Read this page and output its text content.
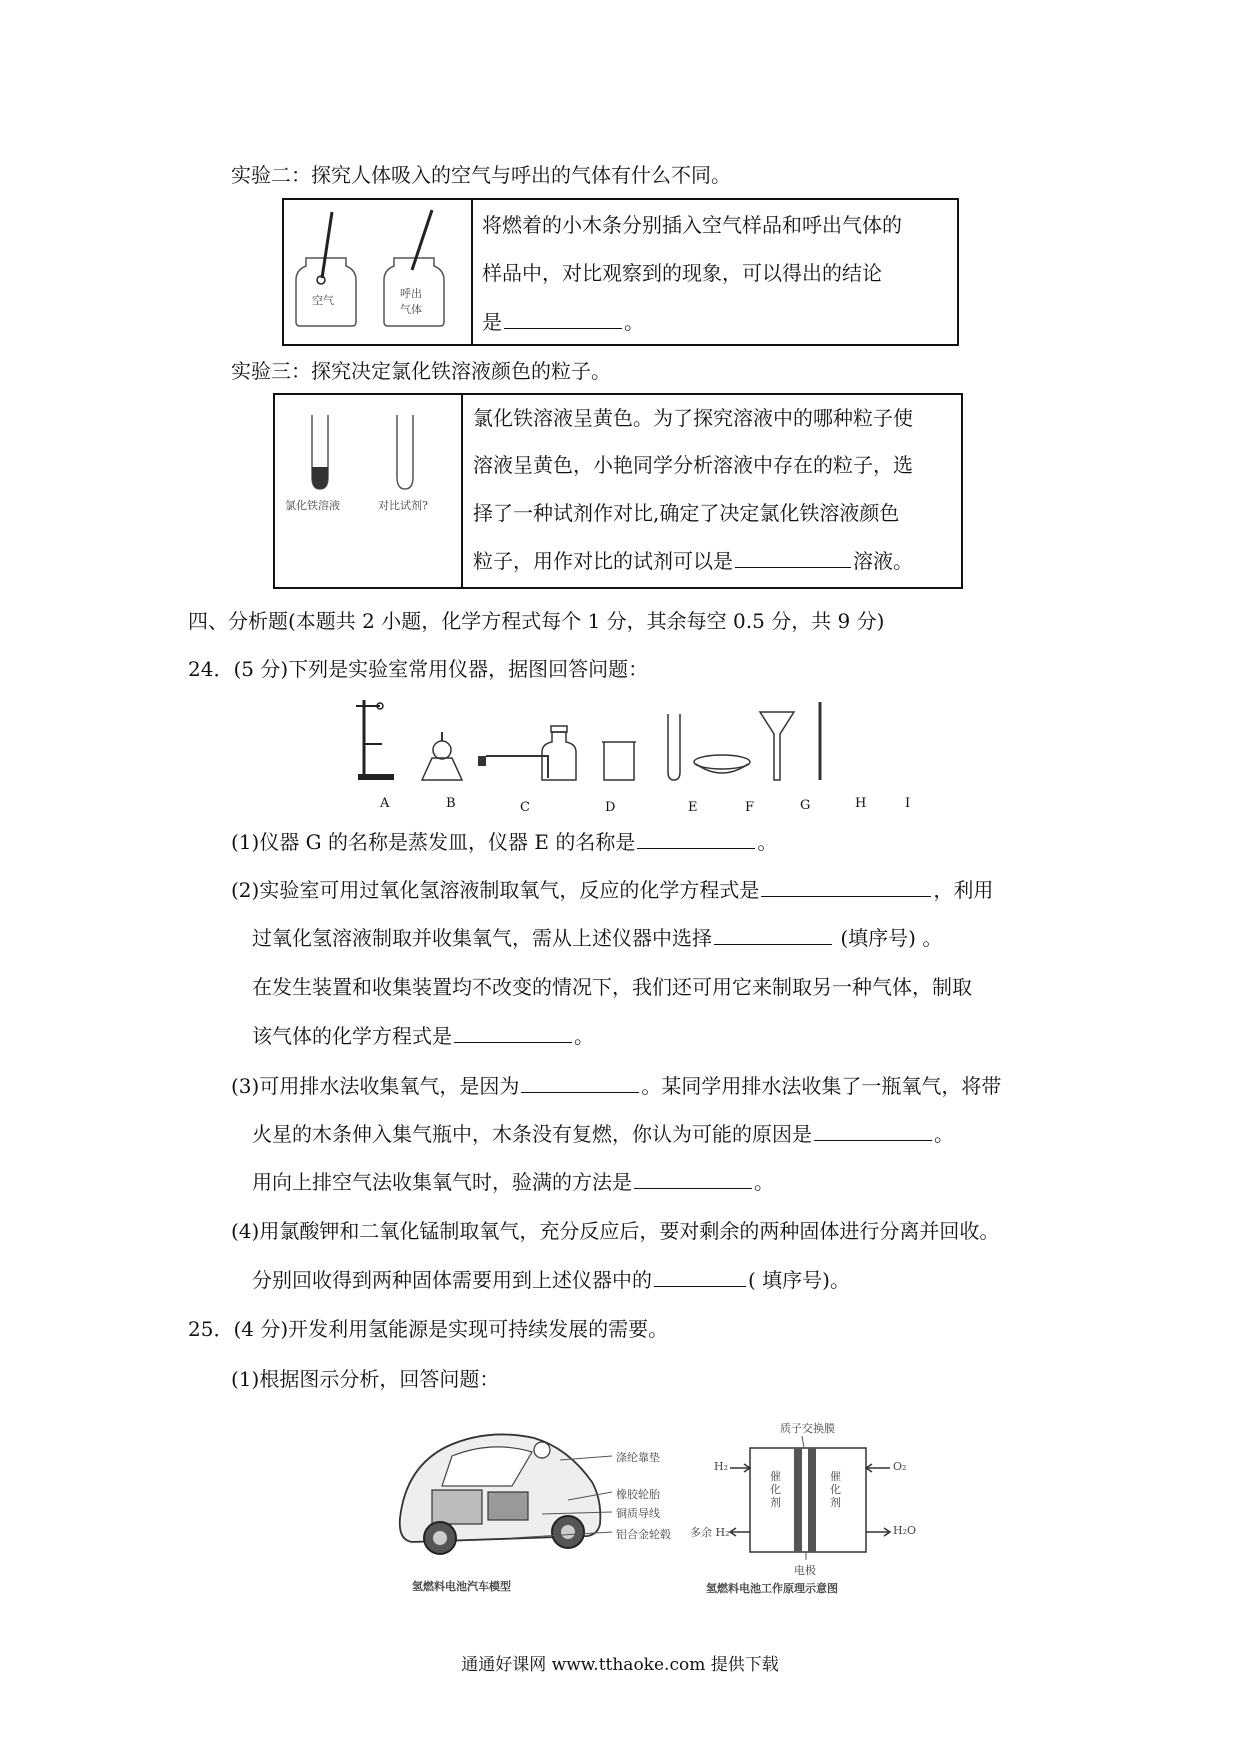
实验二：探究人体吸入的空气与呼出的气体有什么不同。
空气
呼出气体
将燃着的小木条分别插入空气样品和呼出气体的
样品中，对比观察到的现象，可以得出的结论
是	。
实验三：探究决定氯化铁溶液颜色的粒子。
氯化铁溶液	对比试剂?
氯化铁溶液呈黄色。为了探究溶液中的哪种粒子使
溶液呈黄色，小艳同学分析溶液中存在的粒子，选
择了一种试剂作对比,确定了决定氯化铁溶液颜色
粒子，用作对比的试剂可以是	溶液。
四、分析题(本题共 2 小题，化学方程式每个 1 分，其余每空 0.5 分，共 9 分)
24．(5 分)下列是实验室常用仪器，据图回答问题：
A	B	C	D	E	F	G	H	I
(1)仪器 G 的名称是蒸发皿，仪器 E 的名称是	。
(2)实验室可用过氧化氢溶液制取氧气，反应的化学方程式是	，利用
过氧化氢溶液制取并收集氧气，需从上述仪器中选择	(填序号) 。
在发生装置和收集装置均不改变的情况下，我们还可用它来制取另一种气体，制取
该气体的化学方程式是	。
(3)可用排水法收集氧气，是因为	。某同学用排水法收集了一瓶氧气，将带
火星的木条伸入集气瓶中，木条没有复燃，你认为可能的原因是	。
用向上排空气法收集氧气时，验满的方法是	。
(4)用氯酸钾和二氧化锰制取氧气，充分反应后，要对剩余的两种固体进行分离并回收。
分别回收得到两种固体需要用到上述仪器中的	( 填序号)。
25．(4 分)开发利用氢能源是实现可持续发展的需要。
(1)根据图示分析，回答问题：
涤纶靠垫
橡胶轮胎
铜质导线
铝合金轮毂
氢燃料电池汽车模型
质子交换膜
H₂	O₂
多余 H₂	H₂O
催化剂
催化剂
电极
氢燃料电池工作原理示意图
通通好课网 www.tthaoke.com 提供下载
